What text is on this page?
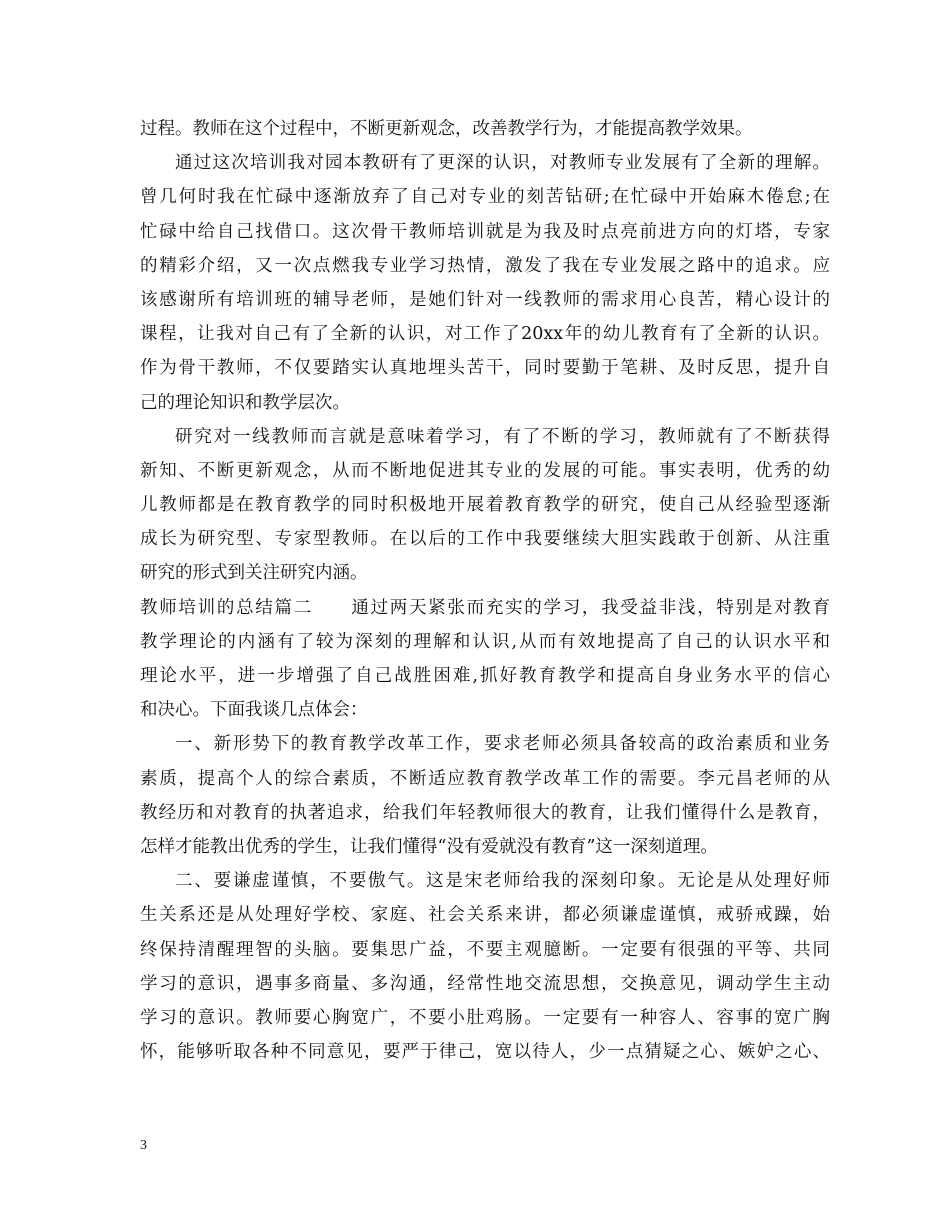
过程。教师在这个过程中，不断更新观念，改善教学行为，才能提高教学效果。
通过这次培训我对园本教研有了更深的认识，对教师专业发展有了全新的理解。
曾几何时我在忙碌中逐渐放弃了自己对专业的刻苦钻研;在忙碌中开始麻木倦怠;在
忙碌中给自己找借口。这次骨干教师培训就是为我及时点亮前进方向的灯塔，专家
的精彩介绍，又一次点燃我专业学习热情，激发了我在专业发展之路中的追求。应
该感谢所有培训班的辅导老师，是她们针对一线教师的需求用心良苦，精心设计的
课程，让我对自己有了全新的认识，对工作了20xx年的幼儿教育有了全新的认识。
作为骨干教师，不仅要踏实认真地埋头苦干，同时要勤于笔耕、及时反思，提升自
己的理论知识和教学层次。
研究对一线教师而言就是意味着学习，有了不断的学习，教师就有了不断获得
新知、不断更新观念，从而不断地促进其专业的发展的可能。事实表明，优秀的幼
儿教师都是在教育教学的同时积极地开展着教育教学的研究，使自己从经验型逐渐
成长为研究型、专家型教师。在以后的工作中我要继续大胆实践敢于创新、从注重
研究的形式到关注研究内涵。
教师培训的总结篇二　　通过两天紧张而充实的学习，我受益非浅，特别是对教育
教学理论的内涵有了较为深刻的理解和认识,从而有效地提高了自己的认识水平和
理论水平，进一步增强了自己战胜困难,抓好教育教学和提高自身业务水平的信心
和决心。下面我谈几点体会：
一、新形势下的教育教学改革工作，要求老师必须具备较高的政治素质和业务
素质，提高个人的综合素质，不断适应教育教学改革工作的需要。李元昌老师的从
教经历和对教育的执著追求，给我们年轻教师很大的教育，让我们懂得什么是教育，
怎样才能教出优秀的学生，让我们懂得“没有爱就没有教育”这一深刻道理。
二、要谦虚谨慎，不要傲气。这是宋老师给我的深刻印象。无论是从处理好师
生关系还是从处理好学校、家庭、社会关系来讲，都必须谦虚谨慎，戒骄戒躁，始
终保持清醒理智的头脑。要集思广益，不要主观臆断。一定要有很强的平等、共同
学习的意识，遇事多商量、多沟通，经常性地交流思想，交换意见，调动学生主动
学习的意识。教师要心胸宽广，不要小肚鸡肠。一定要有一种容人、容事的宽广胸
怀，能够听取各种不同意见，要严于律己，宽以待人，少一点猜疑之心、嫉妒之心、
3
